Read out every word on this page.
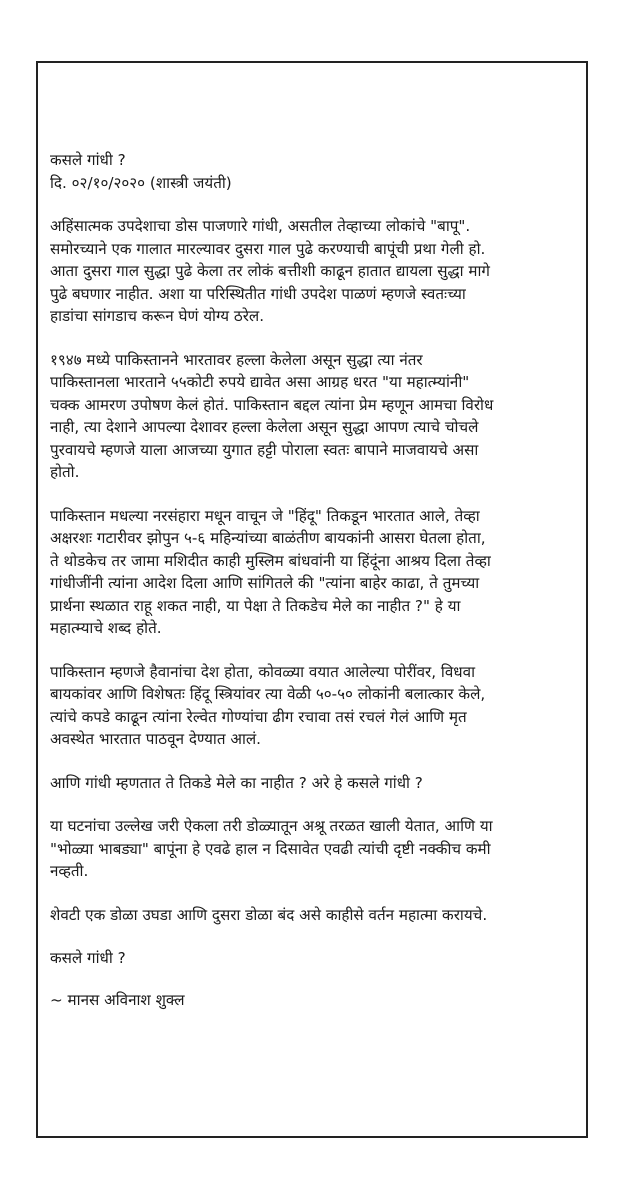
कसले गांधी ?

दि. ०२/१०/२०२० (शास्त्री जयंती)

अहिंसात्मक उपदेशाचा डोस पाजणारे गांधी, असतील तेव्हाच्या लोकांचे "बापू".

समोरच्याने एक गालात मारल्यावर दुसरा गाल पुढे करण्याची बापूंची प्रथा गेली हो.

आता दुसरा गाल सुद्धा पुढे केला तर लोकं बत्तीशी काढून हातात द्यायला सुद्धा मागे

पुढे बघणार नाहीत. अशा या परिस्थितीत गांधी उपदेश पाळणं म्हणजे स्वतःच्या

हाडांचा सांगडाच करून घेणं योग्य ठरेल.

१९४७ मध्ये पाकिस्तानने भारतावर हल्ला केलेला असून सुद्धा त्या नंतर

पाकिस्तानला भारताने ५५कोटी रुपये द्यावेत असा आग्रह धरत "या महात्म्यांनी"

चक्क आमरण उपोषण केलं होतं. पाकिस्तान बद्दल त्यांना प्रेम म्हणून आमचा विरोध

नाही, त्या देशाने आपल्या देशावर हल्ला केलेला असून सुद्धा आपण त्याचे चोचले

पुरवायचे म्हणजे याला आजच्या युगात हट्टी पोराला स्वतः बापाने माजवायचे असा

होतो.

पाकिस्तान मधल्या नरसंहारा मधून वाचून जे "हिंदू" तिकडून भारतात आले, तेव्हा

अक्षरशः गटारीवर झोपुन ५-६ महिन्यांच्या बाळंतीण बायकांनी आसरा घेतला होता,

ते थोडकेच तर जामा मशिदीत काही मुस्लिम बांधवांनी या हिंदूंना आश्रय दिला तेव्हा

गांधीजींनी त्यांना आदेश दिला आणि सांगितले की "त्यांना बाहेर काढा, ते तुमच्या

प्रार्थना स्थळात राहू शकत नाही, या पेक्षा ते तिकडेच मेले का नाहीत ?" हे या

महात्म्याचे शब्द होते.

पाकिस्तान म्हणजे हैवानांचा देश होता, कोवळ्या वयात आलेल्या पोरींवर, विधवा

बायकांवर आणि विशेषतः हिंदू स्त्रियांवर त्या वेळी ५०-५० लोकांनी बलात्कार केले,

त्यांचे कपडे काढून त्यांना रेल्वेत गोण्यांचा ढीग रचावा तसं रचलं गेलं आणि मृत

अवस्थेत भारतात पाठवून देण्यात आलं.

आणि गांधी म्हणतात ते तिकडे मेले का नाहीत ? अरे हे कसले गांधी ?

या घटनांचा उल्लेख जरी ऐकला तरी डोळ्यातून अश्रू तरळत खाली येतात, आणि या

"भोळ्या भाबड्या" बापूंना हे एवढे हाल न दिसावेत एवढी त्यांची दृष्टी नक्कीच कमी

नव्हती.

शेवटी एक डोळा उघडा आणि दुसरा डोळा बंद असे काहीसे वर्तन महात्मा करायचे.

कसले गांधी ?

~ मानस अविनाश शुक्ल
